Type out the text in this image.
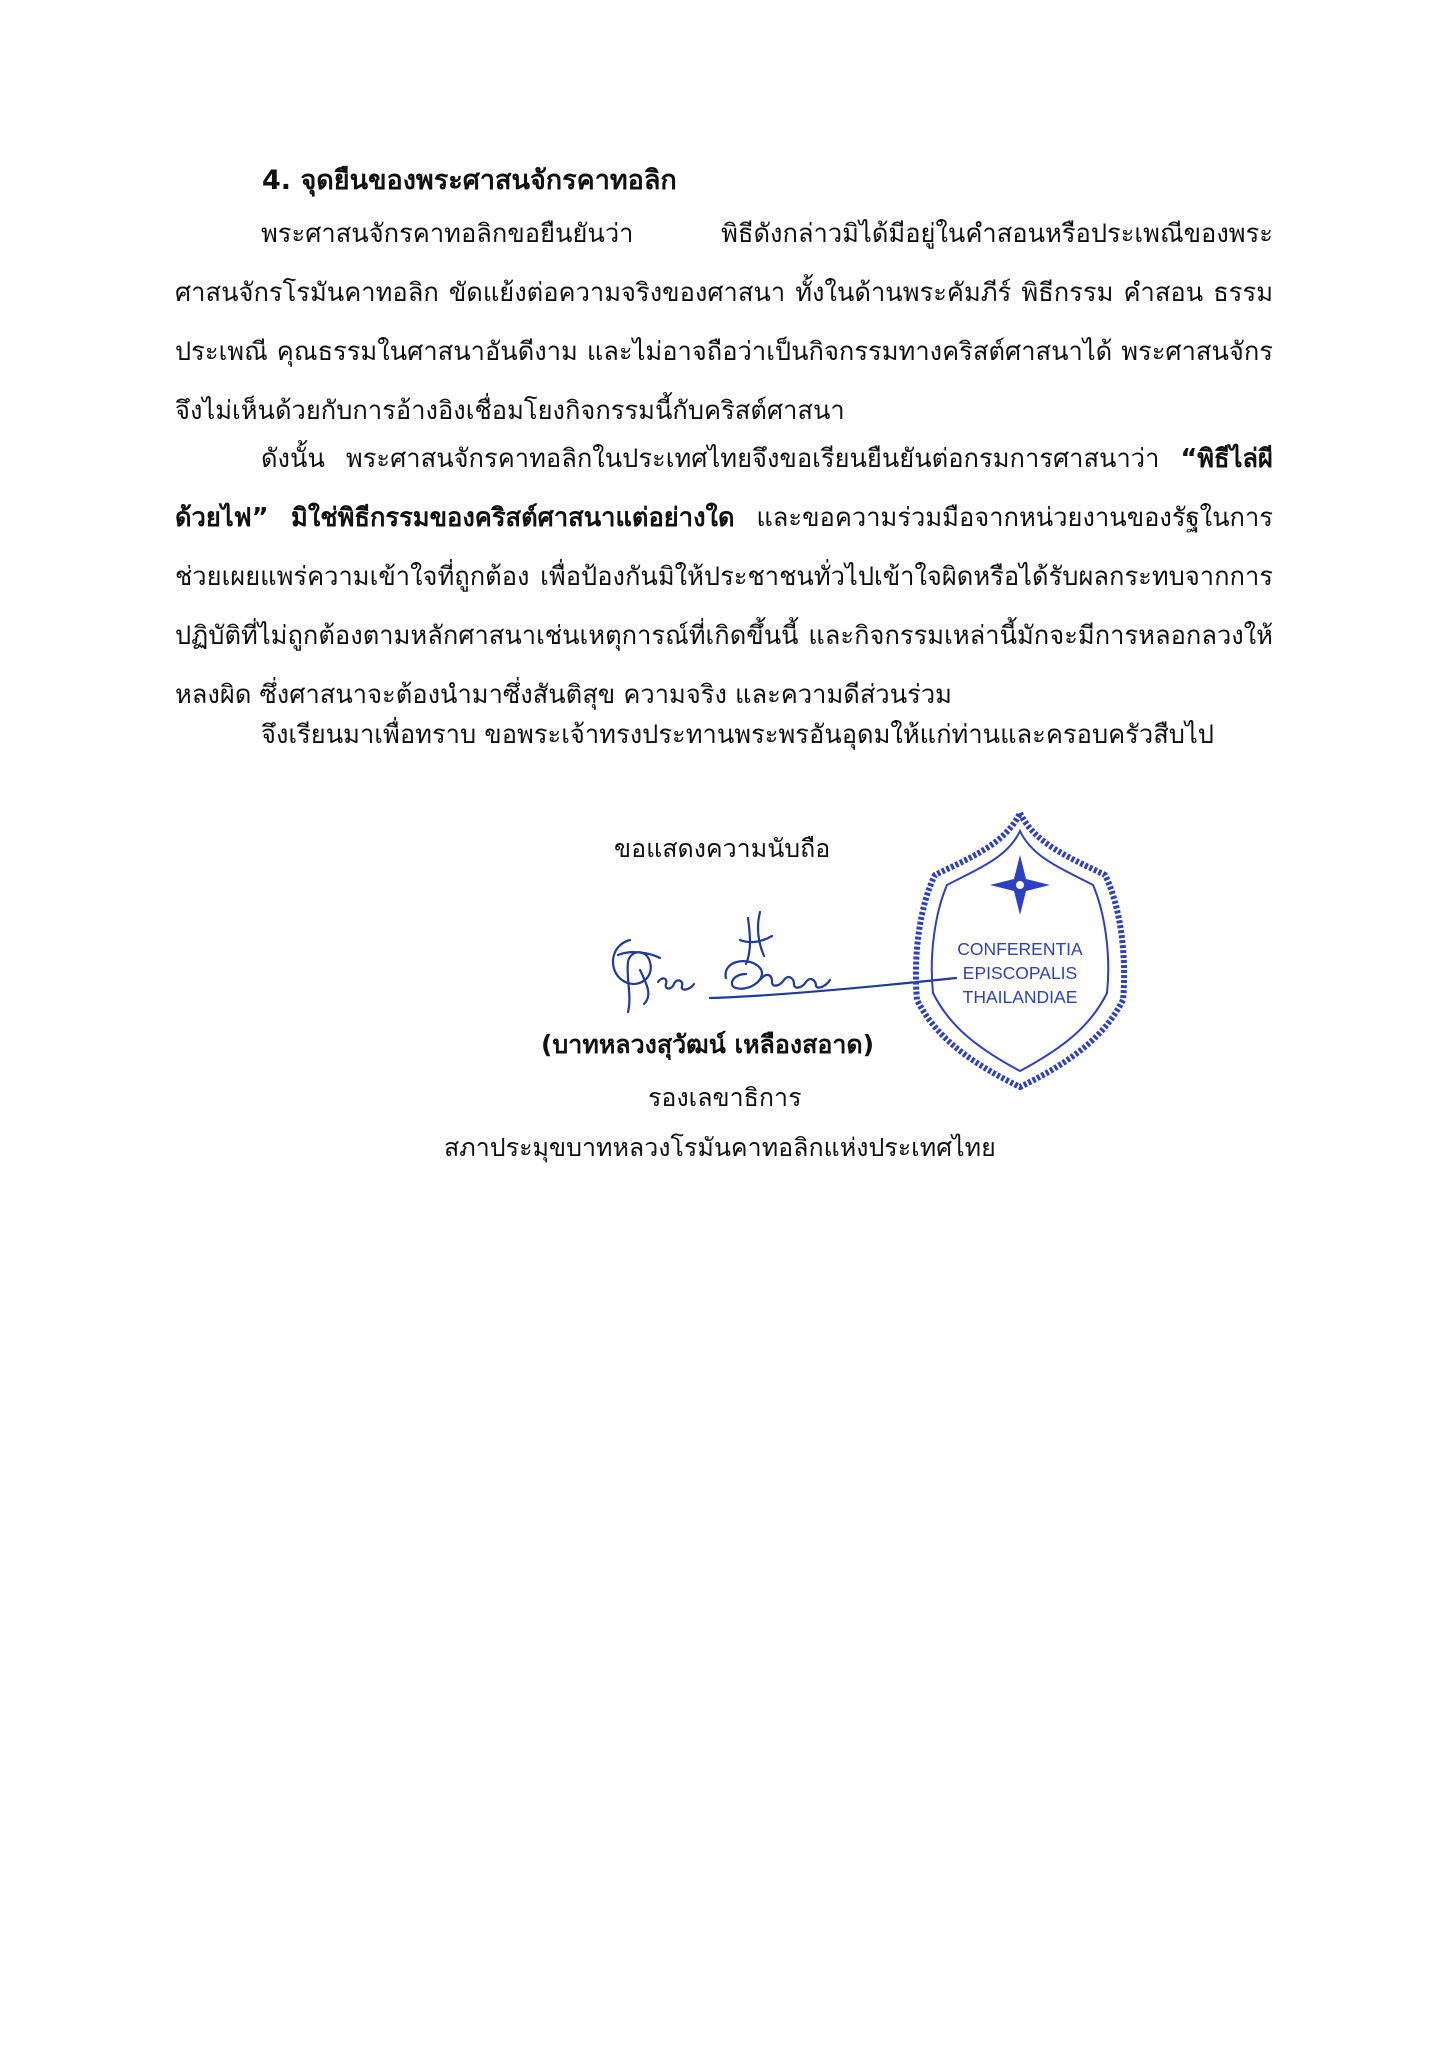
4. จุดยืนของพระศาสนจักรคาทอลิก
พระศาสนจักรคาทอลิกขอยืนยันว่า พิธีดังกล่าวมิได้มีอยู่ในคำสอนหรือประเพณีของพระศาสนจักรโรมันคาทอลิก ขัดแย้งต่อความจริงของศาสนา ทั้งในด้านพระคัมภีร์ พิธีกรรม คำสอน ธรรมประเพณี คุณธรรมในศาสนาอันดีงาม และไม่อาจถือว่าเป็นกิจกรรมทางคริสต์ศาสนาได้ พระศาสนจักรจึงไม่เห็นด้วยกับการอ้างอิงเชื่อมโยงกิจกรรมนี้กับคริสต์ศาสนา
ดังนั้น พระศาสนจักรคาทอลิกในประเทศไทยจึงขอเรียนยืนยันต่อกรมการศาสนาว่า “พิธีไล่ผีด้วยไฟ” มิใช่พิธีกรรมของคริสต์ศาสนาแต่อย่างใด และขอความร่วมมือจากหน่วยงานของรัฐในการช่วยเผยแพร่ความเข้าใจที่ถูกต้อง เพื่อป้องกันมิให้ประชาชนทั่วไปเข้าใจผิดหรือได้รับผลกระทบจากการปฏิบัติที่ไม่ถูกต้องตามหลักศาสนาเช่นเหตุการณ์ที่เกิดขึ้นนี้ และกิจกรรมเหล่านี้มักจะมีการหลอกลวงให้หลงผิด ซึ่งศาสนาจะต้องนำมาซึ่งสันติสุข ความจริง และความดีส่วนร่วม
จึงเรียนมาเพื่อทราบ ขอพระเจ้าทรงประทานพระพรอันอุดมให้แก่ท่านและครอบครัวสืบไป
ขอแสดงความนับถือ
CONFERENTIA
EPISCOPALIS
THAILANDIAE
(บาทหลวงสุวัฒน์ เหลืองสอาด)
รองเลขาธิการ
สภาประมุขบาทหลวงโรมันคาทอลิกแห่งประเทศไทย
